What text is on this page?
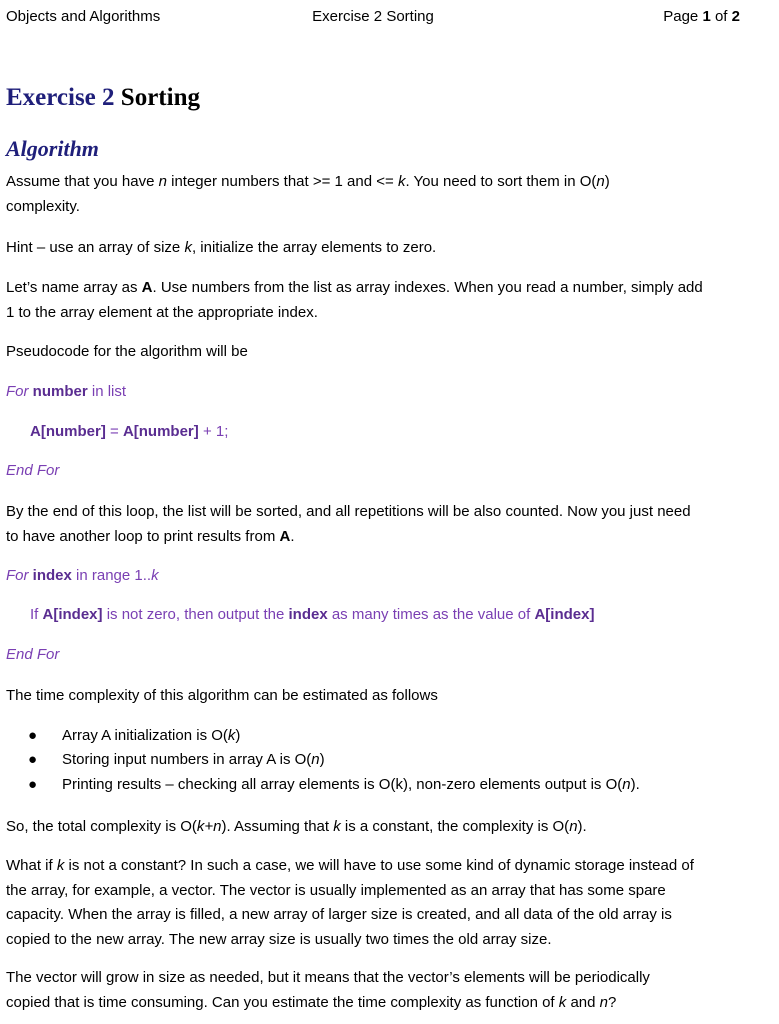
Objects and Algorithms	Exercise 2 Sorting	Page 1 of 2
Exercise 2 Sorting
Algorithm
Assume that you have n integer numbers that >= 1 and <= k. You need to sort them in O(n)
complexity.
Hint – use an array of size k, initialize the array elements to zero.
Let’s name array as A. Use numbers from the list as array indexes. When you read a number, simply add
1 to the array element at the appropriate index.
Pseudocode for the algorithm will be
For number in list
A[number] = A[number] + 1;
End For
By the end of this loop, the list will be sorted, and all repetitions will be also counted. Now you just need
to have another loop to print results from A.
For index in range 1..k
If A[index] is not zero, then output the index as many times as the value of A[index]
End For
The time complexity of this algorithm can be estimated as follows
● Array A initialization is O(k)
● Storing input numbers in array A is O(n)
● Printing results – checking all array elements is O(k), non-zero elements output is O(n).
So, the total complexity is O(k+n). Assuming that k is a constant, the complexity is O(n).
What if k is not a constant? In such a case, we will have to use some kind of dynamic storage instead of
the array, for example, a vector. The vector is usually implemented as an array that has some spare
capacity. When the array is filled, a new array of larger size is created, and all data of the old array is
copied to the new array. The new array size is usually two times the old array size.
The vector will grow in size as needed, but it means that the vector’s elements will be periodically
copied that is time consuming. Can you estimate the time complexity as function of k and n?
